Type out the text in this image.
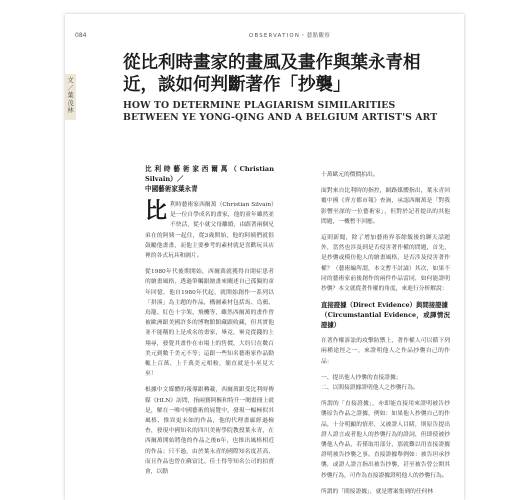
084	OBSERVATION・藝點觀察
文／葉茂林
從比利時畫家的畫風及畫作與葉永青相近，談如何判斷著作「抄襲」
HOW TO DETERMINE PLAGIARISM SIMILARITIES BETWEEN YE YONG-QING AND A BELGIUM ARTIST'S ART
比利時藝術家西爾萬（Christian Silvain）／
中國藝術家葉永青

比利時藝術家西爾萬（Christian Silvain）是一位自學成名的畫家，他的童年雖然並不快活，從小就父母離婚，由跟著兩個兄弟在的阿姨一起住，從3歲開始，他的阿姨們就很鼓勵他畫畫，而他主要參考的素材就是喜歡玩具店裡的各式玩具和圖片。

從1980年代後期開始，西爾萬就獲得自閉症患者的繪畫風格，透過筆觸跟繪畫來闡述自己孤獨的童年回憶，他自1980年代起，就開始創作一系列以「拼湊」為主題的作品，構圖素材包括馬、烏鴉、鳥籠、紅色十字架、飛機等，雖然西爾萬的畫作曾被歐洲跟美國許多的博物館館藏跟收藏，但其實他並不能稱的上是成名的畫家，畢竟，畢竟從錢的上翔尋，發覺其畫作在市場上的售價，大約只在數百美元到數千美元不等；這跟一些知名藝術家作品動輒上百萬、上千萬美元相較，簡直就是小巫見大巫！

根據中文媒體的報導跟轉載，西爾萬跟受比利時傳媒《HLN》訪問，指兩賽阿樞和特升一閱畫冊上就是，解在一唯中國藝術的展覽中，發現一幅極似其風格、惟異更未如的作品，他的代理畫廊經過檢查，發現中國知名的四川美術學院教授葉永青，在西爾萬開始將他的作品之後6年，也推出風格相近的作品；只不過，由於葉永青的國際知名度甚高，而且作品也曾在蘇富比、佳士得等知名公司的拍賣會，以動

十萬歐元的價價拍出。

面對來自比利時的指控，網路媒體指出，葉永青回覆中國《齊方都市報》查詢，承認西爾萬是「對我影響至深的一位藝術家」，但對於記者提出的其他問題，一概暫不回應。

這則新聞，除了增加藝術界茶餘飯後的聊天話題外，當然也涉及到是否侵害著作權的問題，首先，是抄襲或模仿他人的繪畫風格，是否涉及侵害著作權？（藝術編所謂，本文暫不討論）其次，如果不同的藝術家前後創作的兩件作品雷同，如何能證明抄襲？本文就從著作權的角度，來進行分析解說：

直接證據（Direct Evidence）與間接證據
（Circumstantial Evidence，或譯情況證據）

在著作權訴訟的攻擊防禦上，著作權人可以循下列兩種途徑之一，來證明他人之作品抄襲自己的作品：

一、提出他人抄襲的直接證據；
二、以間接證據證明他人之抄襲行為。

所謂的「直接證據」，亦即能直接用來證明被告抄襲原告作品之證據，例如：如果他人抄襲自己的作品，十分明顯的情形，又被證人目睹，則原告提出證人證言或者他人的抄襲行為的證詞，但即使被抄襲他人作品，若僅取用部分，那就難以用直接證據證明被告抄襲之事。直接證據舉例如：被告坦承抄襲，或證人證言指出被告抄襲，甚至被告曾公開其抄襲行為，可作為直接證據證明他人的抄襲行為。

所謂的「間接證據」，就是將案集到的任何林
